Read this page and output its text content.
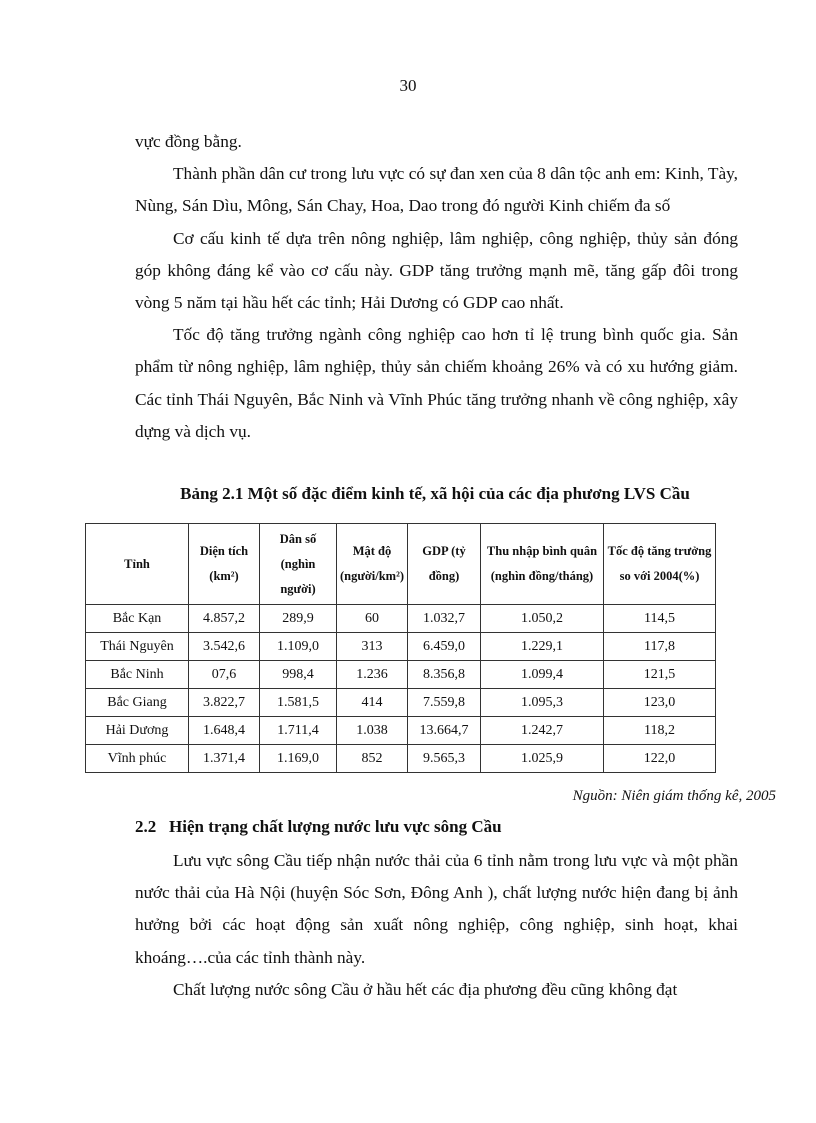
30

vực đồng bằng.

Thành phần dân cư trong lưu vực có sự đan xen của 8 dân tộc anh em: Kinh, Tày, Nùng, Sán Dìu, Mông, Sán Chay, Hoa, Dao trong đó người Kinh chiếm đa số

Cơ cấu kinh tế dựa trên nông nghiệp, lâm nghiệp, công nghiệp, thủy sản đóng góp không đáng kể vào cơ cấu này. GDP tăng trưởng mạnh mẽ, tăng gấp đôi trong vòng 5 năm tại hầu hết các tỉnh; Hải Dương có GDP cao nhất.

Tốc độ tăng trưởng ngành công nghiệp cao hơn tỉ lệ trung bình quốc gia. Sản phẩm từ nông nghiệp, lâm nghiệp, thủy sản chiếm khoảng 26% và có xu hướng giảm. Các tỉnh Thái Nguyên, Bắc Ninh và Vĩnh Phúc tăng trưởng nhanh về công nghiệp, xây dựng và dịch vụ.

Bảng 2.1 Một số đặc điểm kinh tế, xã hội của các địa phương LVS Cầu
Tỉnh	Diện tích (km²)	Dân số (nghìn người)	Mật độ (người/km²)	GDP (tỷ đồng)	Thu nhập bình quân (nghìn đồng/tháng)	Tốc độ tăng trưởng so với 2004(%)
Bắc Kạn	4.857,2	289,9	60	1.032,7	1.050,2	114,5
Thái Nguyên	3.542,6	1.109,0	313	6.459,0	1.229,1	117,8
Bắc Ninh	07,6	998,4	1.236	8.356,8	1.099,4	121,5
Bắc Giang	3.822,7	1.581,5	414	7.559,8	1.095,3	123,0
Hải Dương	1.648,4	1.711,4	1.038	13.664,7	1.242,7	118,2
Vĩnh phúc	1.371,4	1.169,0	852	9.565,3	1.025,9	122,0
Nguồn: Niên giám thống kê, 2005
2.2 Hiện trạng chất lượng nước lưu vực sông Cầu

Lưu vực sông Cầu tiếp nhận nước thải của 6 tỉnh nằm trong lưu vực và một phần nước thải của Hà Nội (huyện Sóc Sơn, Đông Anh ), chất lượng nước hiện đang bị ảnh hưởng bởi các hoạt động sản xuất nông nghiệp, công nghiệp, sinh hoạt, khai khoáng….của các tỉnh thành này.

Chất lượng nước sông Cầu ở hầu hết các địa phương đều cũng không đạt
